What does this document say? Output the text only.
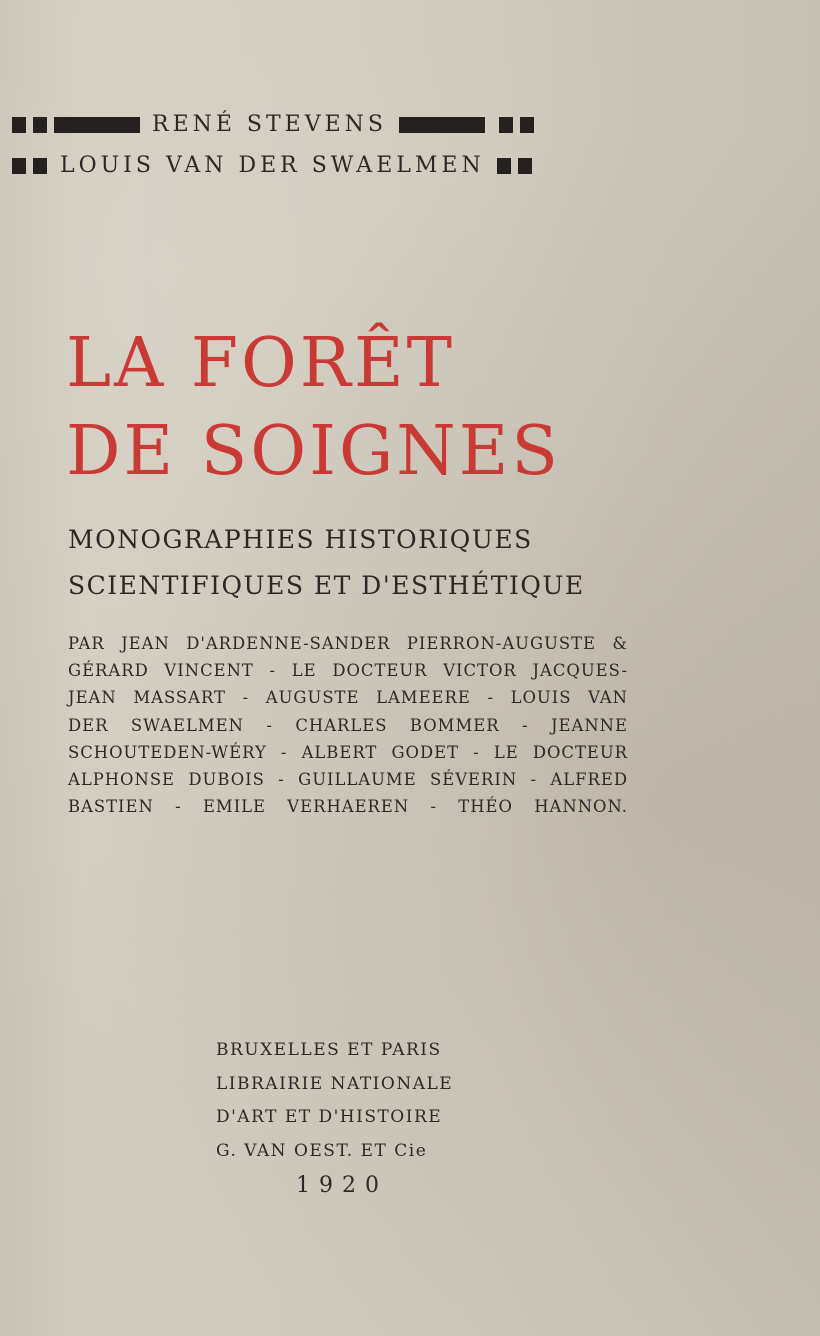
RENÉ STEVENS
LOUIS VAN DER SWAELMEN
LA FORÊT
DE SOIGNES
MONOGRAPHIES HISTORIQUES
SCIENTIFIQUES ET D'ESTHÉTIQUE
PAR JEAN D'ARDENNE-SANDER PIERRON-AUGUSTE &
GÉRARD VINCENT - LE DOCTEUR VICTOR JACQUES-
JEAN MASSART - AUGUSTE LAMEERE - LOUIS VAN
DER SWAELMEN - CHARLES BOMMER - JEANNE
SCHOUTEDEN-WÉRY - ALBERT GODET - LE DOCTEUR
ALPHONSE DUBOIS - GUILLAUME SÉVERIN - ALFRED
BASTIEN - EMILE VERHAEREN - THÉO HANNON.
BRUXELLES ET PARIS
LIBRAIRIE NATIONALE
D'ART ET D'HISTOIRE
G. VAN OEST. ET Cie
1920
